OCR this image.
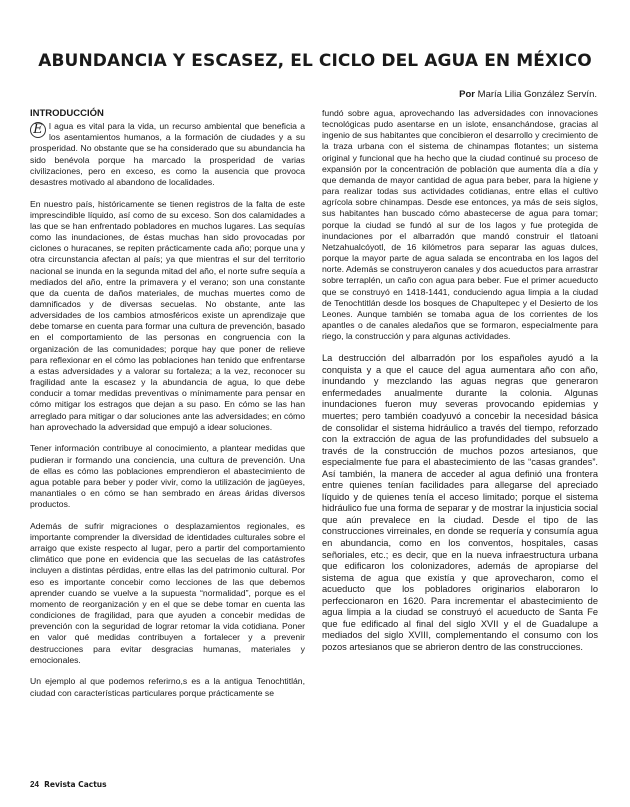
ABUNDANCIA Y ESCASEZ, EL CICLO DEL AGUA EN MÉXICO
Por María Lilia González Servín.
INTRODUCCIÓN

E l agua es vital para la vida, un recurso ambiental que beneficia a los asentamientos humanos, a la formación de ciudades y a su prosperidad. No obstante que se ha considerado que su abundancia ha sido benévola porque ha marcado la prosperidad de varias civilizaciones, pero en exceso, es como la ausencia que provoca desastres motivado al abandono de localidades.

En nuestro país, históricamente se tienen registros de la falta de este imprescindible líquido, así como de su exceso. Son dos calamidades a las que se han enfrentado pobladores en muchos lugares. Las sequías como las inundaciones, de éstas muchas han sido provocadas por ciclones o huracanes, se repiten prácticamente cada año; porque una y otra circunstancia afectan al país; ya que mientras el sur del territorio nacional se inunda en la segunda mitad del año, el norte sufre sequía a mediados del año, entre la primavera y el verano; son una constante que da cuenta de daños materiales, de muchas muertes como de damnificados y de diversas secuelas. No obstante, ante las adversidades de los cambios atmosféricos existe un aprendizaje que debe tomarse en cuenta para formar una cultura de prevención, basado en el comportamiento de las personas en congruencia con la organización de las comunidades; porque hay que poner de relieve para reflexionar en el cómo las poblaciones han tenido que enfrentarse a estas adversidades y a valorar su fortaleza; a la vez, reconocer su fragilidad ante la escasez y la abundancia de agua, lo que debe conducir a tomar medidas preventivas o mínimamente para pensar en cómo mitigar los estragos que dejan a su paso. En cómo se las han arreglado para mitigar o dar soluciones ante las adversidades; en cómo han aprovechado la adversidad que empujó a idear soluciones.

Tener información contribuye al conocimiento, a plantear medidas que pudieran ir formando una conciencia, una cultura de prevención. Una de ellas es cómo las poblaciones emprendieron el abastecimiento de agua potable para beber y poder vivir, como la utilización de jagüeyes, manantiales o en cómo se han sembrado en áreas áridas diversos productos.

Además de sufrir migraciones o desplazamientos regionales, es importante comprender la diversidad de identidades culturales sobre el arraigo que existe respecto al lugar, pero a partir del comportamiento climático que pone en evidencia que las secuelas de las catástrofes incluyen a distintas pérdidas, entre ellas las del patrimonio cultural. Por eso es importante concebir como lecciones de las que debemos aprender cuando se vuelve a la supuesta “normalidad”, porque es el momento de reorganización y en el que se debe tomar en cuenta las condiciones de fragilidad, para que ayuden a concebir medidas de prevención con la seguridad de lograr retomar la vida cotidiana. Poner en valor qué medidas contribuyen a fortalecer y a prevenir destrucciones para evitar desgracias humanas, materiales y emocionales.

Un ejemplo al que podemos referirno,s es a la antigua Tenochtitlán, ciudad con características particulares porque prácticamente se

fundó sobre agua, aprovechando las adversidades con innovaciones tecnológicas pudo asentarse en un islote, ensanchándose, gracias al ingenio de sus habitantes que concibieron el desarrollo y crecimiento de la traza urbana con el sistema de chinampas flotantes; un sistema original y funcional que ha hecho que la ciudad continué su proceso de expansión por la concentración de población que aumenta día a día y que demanda de mayor cantidad de agua para beber, para la higiene y para realizar todas sus actividades cotidianas, entre ellas el cultivo agrícola sobre chinampas. Desde ese entonces, ya más de seis siglos, sus habitantes han buscado cómo abastecerse de agua para tomar; porque la ciudad se fundó al sur de los lagos y fue protegida de inundaciones por el albarradón que mandó construir el tlatoani Netzahualcóyotl, de 16 kilómetros para separar las aguas dulces, porque la mayor parte de agua salada se encontraba en los lagos del norte. Además se construyeron canales y dos acueductos para arrastrar sobre terraplén, un caño con agua para beber. Fue el primer acueducto que se construyó en 1418-1441, conduciendo agua limpia a la ciudad de Tenochtitlán desde los bosques de Chapultepec y el Desierto de los Leones. Aunque también se tomaba agua de los corrientes de los apantles o de canales aledaños que se formaron, especialmente para riego, la construcción y para algunas actividades.

La destrucción del albarradón por los españoles ayudó a la conquista y a que el cauce del agua aumentara año con año, inundando y mezclando las aguas negras que generaron enfermedades anualmente durante la colonia. Algunas inundaciones fueron muy severas provocando epidemias y muertes; pero también coadyuvó a concebir la necesidad básica de consolidar el sistema hidráulico a través del tiempo, reforzado con la extracción de agua de las profundidades del subsuelo a través de la construcción de muchos pozos artesianos, que especialmente fue para el abastecimiento de las “casas grandes”. Así también, la manera de acceder al agua definió una frontera entre quienes tenían facilidades para allegarse del apreciado líquido y de quienes tenía el acceso limitado; porque el sistema hidráulico fue una forma de separar y de mostrar la injusticia social que aún prevalece en la ciudad. Desde el tipo de las construcciones virreinales, en donde se requería y consumía agua en abundancia, como en los conventos, hospitales, casas señoriales, etc.; es decir, que en la nueva infraestructura urbana que edificaron los colonizadores, además de apropiarse del sistema de agua que existía y que aprovecharon, como el acueducto que los pobladores originarios elaboraron lo perfeccionaron en 1620. Para incrementar el abastecimiento de agua limpia a la ciudad se construyó el acueducto de Santa Fe que fue edificado al final del siglo XVII y el de Guadalupe a mediados del siglo XVIII, complementando el consumo con los pozos artesianos que se abrieron dentro de las construcciones.

24 Revista Cactus
